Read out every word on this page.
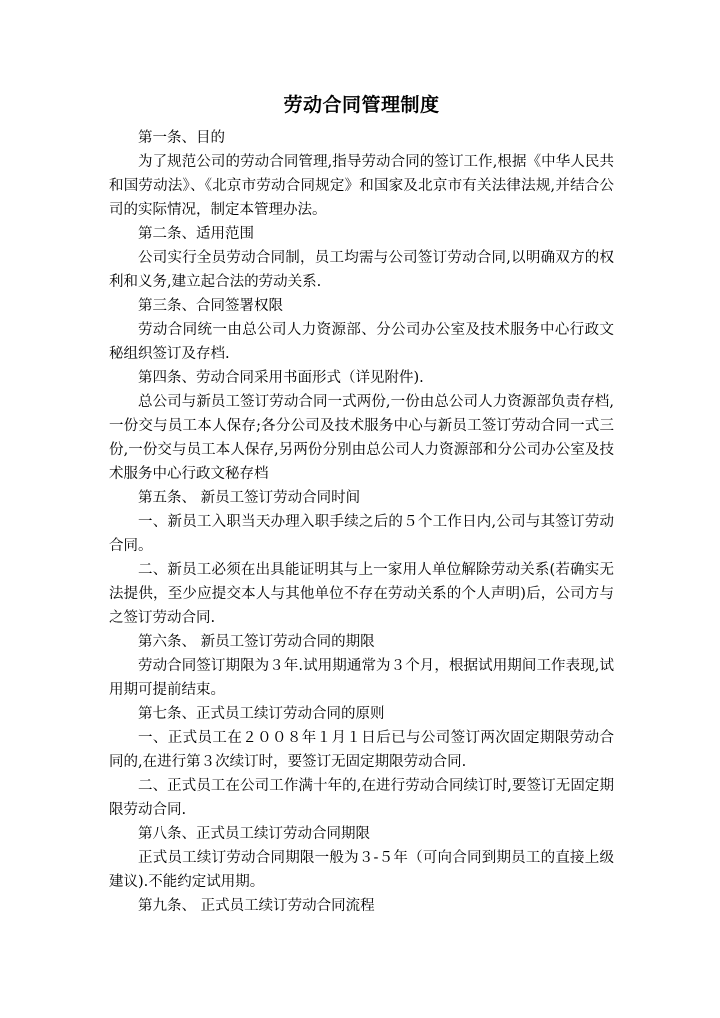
劳动合同管理制度

第一条、目的

为了规范公司的劳动合同管理,指导劳动合同的签订工作,根据《中华人民共和国劳动法》、《北京市劳动合同规定》和国家及北京市有关法律法规,并结合公司的实际情况，制定本管理办法。

第二条、适用范围

公司实行全员劳动合同制，员工均需与公司签订劳动合同,以明确双方的权利和义务,建立起合法的劳动关系.

第三条、合同签署权限

劳动合同统一由总公司人力资源部、分公司办公室及技术服务中心行政文秘组织签订及存档.

第四条、劳动合同采用书面形式（详见附件).

总公司与新员工签订劳动合同一式两份,一份由总公司人力资源部负责存档,一份交与员工本人保存;各分公司及技术服务中心与新员工签订劳动合同一式三份,一份交与员工本人保存,另两份分别由总公司人力资源部和分公司办公室及技术服务中心行政文秘存档

第五条、 新员工签订劳动合同时间

一、新员工入职当天办理入职手续之后的５个工作日内,公司与其签订劳动合同。

二、新员工必须在出具能证明其与上一家用人单位解除劳动关系(若确实无法提供，至少应提交本人与其他单位不存在劳动关系的个人声明)后，公司方与之签订劳动合同.

第六条、 新员工签订劳动合同的期限

劳动合同签订期限为３年.试用期通常为３个月，根据试用期间工作表现,试用期可提前结束。

第七条、正式员工续订劳动合同的原则

一、正式员工在２００８年１月１日后已与公司签订两次固定期限劳动合同的,在进行第３次续订时，要签订无固定期限劳动合同.

二、正式员工在公司工作满十年的,在进行劳动合同续订时,要签订无固定期限劳动合同.

第八条、正式员工续订劳动合同期限

正式员工续订劳动合同期限一般为３-５年（可向合同到期员工的直接上级建议).不能约定试用期。

第九条、 正式员工续订劳动合同流程
